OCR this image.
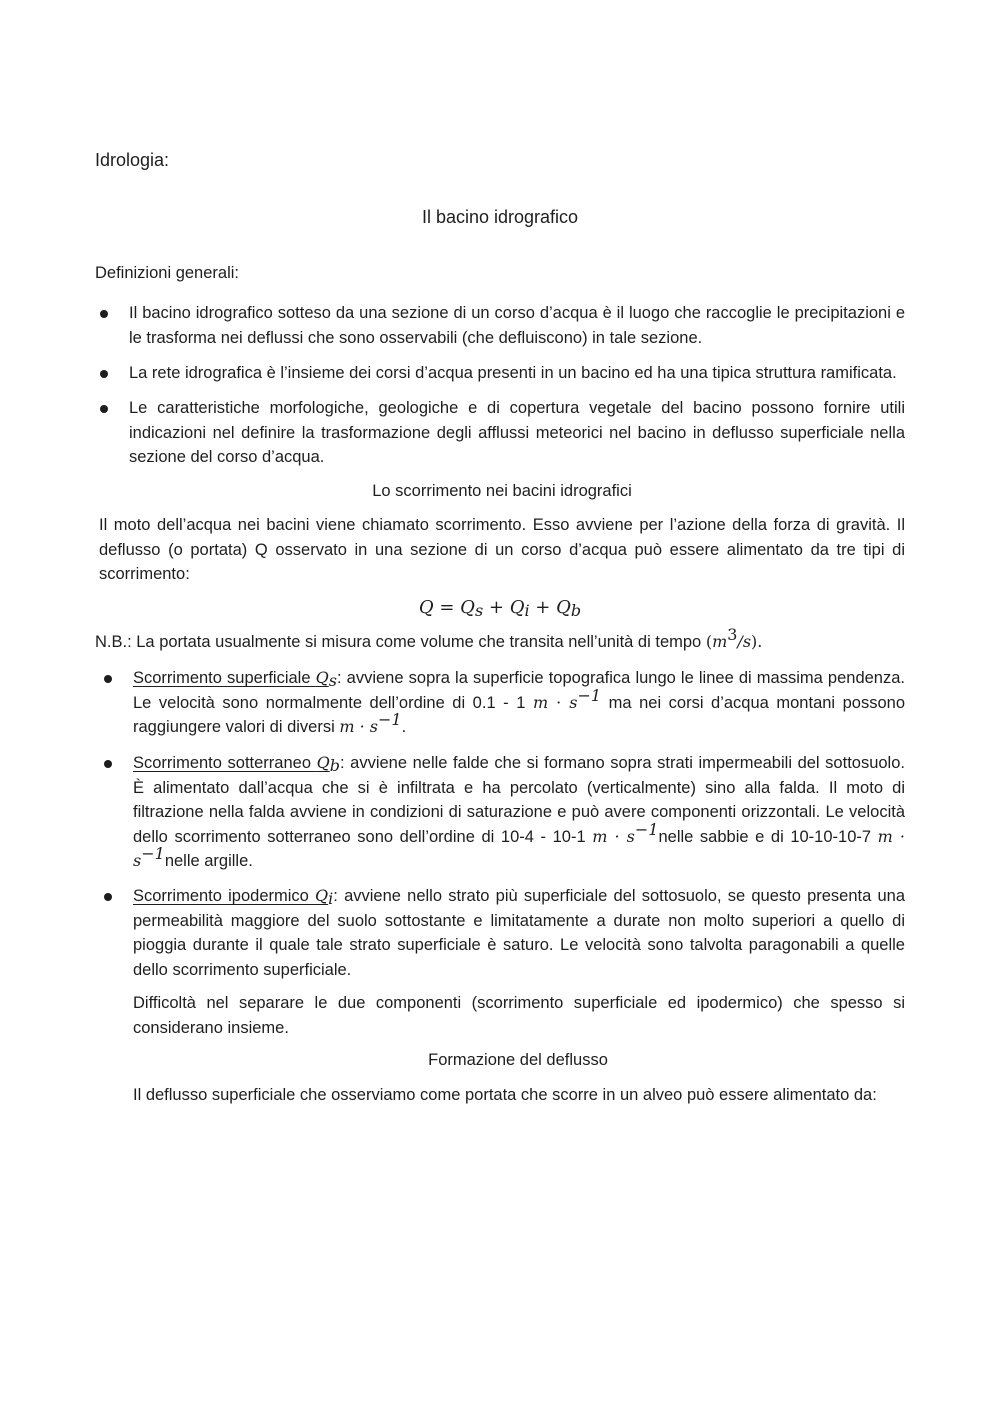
Idrologia:
Il bacino idrografico
Definizioni generali:
Il bacino idrografico sotteso da una sezione di un corso d’acqua è il luogo che raccoglie le precipitazioni e le trasforma nei deflussi che sono osservabili (che defluiscono) in tale sezione.
La rete idrografica è l’insieme dei corsi d’acqua presenti in un bacino ed ha una tipica struttura ramificata.
Le caratteristiche morfologiche, geologiche e di copertura vegetale del bacino possono fornire utili indicazioni nel definire la trasformazione degli afflussi meteorici nel bacino in deflusso superficiale nella sezione del corso d’acqua.
Lo scorrimento nei bacini idrografici
Il moto dell’acqua nei bacini viene chiamato scorrimento. Esso avviene per l’azione della forza di gravità. Il deflusso (o portata) Q osservato in una sezione di un corso d’acqua può essere alimentato da tre tipi di scorrimento:
$Q = Q_s + Q_i + Q_b$
N.B.: La portata usualmente si misura come volume che transita nell’unità di tempo $(m^3/s)$.
Scorrimento superficiale $Q_s$: avviene sopra la superficie topografica lungo le linee di massima pendenza. Le velocità sono normalmente dell’ordine di 0.1 - 1 $m \cdot s^{-1}$ ma nei corsi d’acqua montani possono raggiungere valori di diversi $m \cdot s^{-1}$.
Scorrimento sotterraneo $Q_b$: avviene nelle falde che si formano sopra strati impermeabili del sottosuolo. È alimentato dall’acqua che si è infiltrata e ha percolato (verticalmente) sino alla falda. Il moto di filtrazione nella falda avviene in condizioni di saturazione e può avere componenti orizzontali. Le velocità dello scorrimento sotterraneo sono dell’ordine di 10-4 - 10-1 $m \cdot s^{-1}nelle$ sabbie e di 10-10-10-7 $m \cdot s^{-1}nelle$ argille.
Scorrimento ipodermico $Q_i$: avviene nello strato più superficiale del sottosuolo, se questo presenta una permeabilità maggiore del suolo sottostante e limitatamente a durate non molto superiori a quello di pioggia durante il quale tale strato superficiale è saturo. Le velocità sono talvolta paragonabili a quelle dello scorrimento superficiale.
Difficoltà nel separare le due componenti (scorrimento superficiale ed ipodermico) che spesso si considerano insieme.
Formazione del deflusso
Il deflusso superficiale che osserviamo come portata che scorre in un alveo può essere alimentato da:
